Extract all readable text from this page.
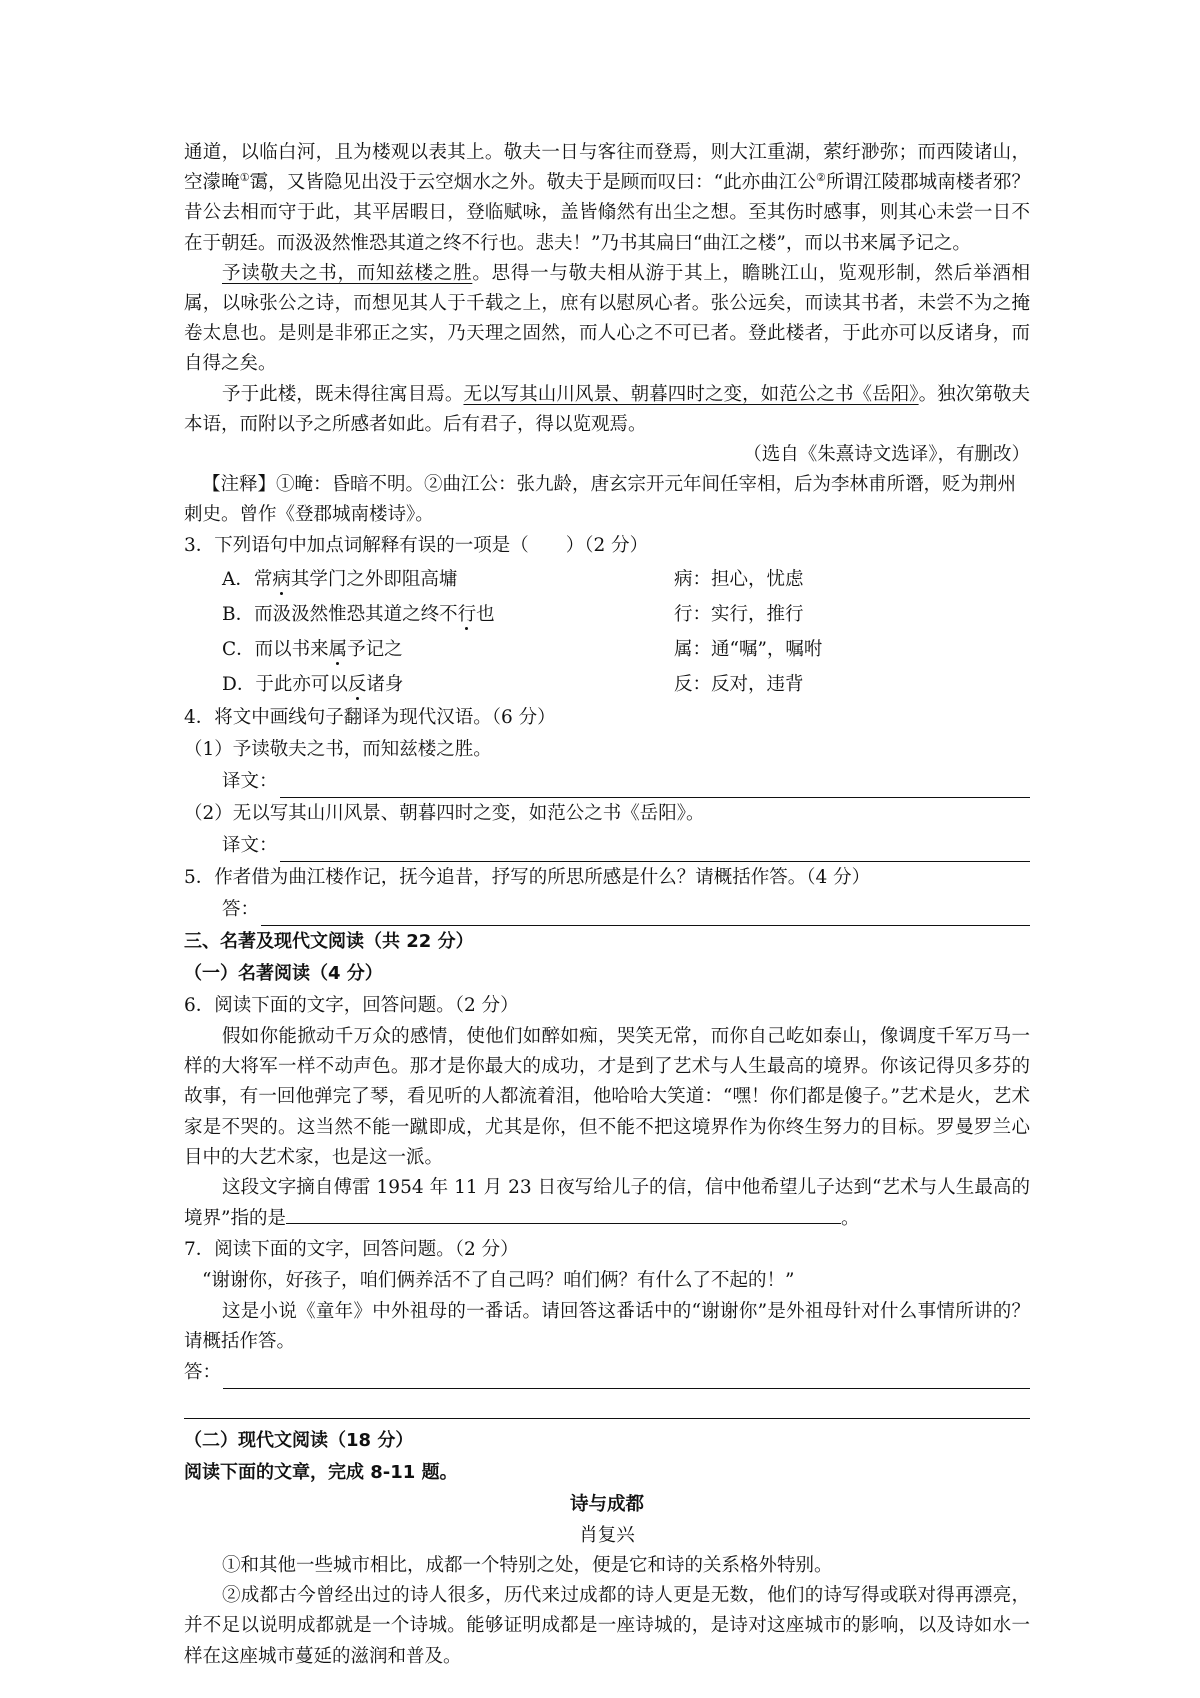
通道，以临白河，且为楼观以表其上。敬夫一日与客往而登焉，则大江重湖，萦纡渺弥；而西陵诸山，空濛晻①霭，又皆隐见出没于云空烟水之外。敬夫于是顾而叹曰：“此亦曲江公②所谓江陵郡城南楼者邪？昔公去相而守于此，其平居暇日，登临赋咏，盖皆翛然有出尘之想。至其伤时感事，则其心未尝一日不在于朝廷。而汲汲然惟恐其道之终不行也。悲夫！”乃书其扁曰“曲江之楼”，而以书来属予记之。

予读敬夫之书，而知兹楼之胜。思得一与敬夫相从游于其上，瞻眺江山，览观形制，然后举酒相属，以咏张公之诗，而想见其人于千载之上，庶有以慰夙心者。张公远矣，而读其书者，未尝不为之掩卷太息也。是则是非邪正之实，乃天理之固然，而人心之不可已者。登此楼者，于此亦可以反诸身，而自得之矣。

予于此楼，既未得往寓目焉。无以写其山川风景、朝暮四时之变，如范公之书《岳阳》。独次第敬夫本语，而附以予之所感者如此。后有君子，得以览观焉。

（选自《朱熹诗文选译》，有删改）

【注释】①晻：昏暗不明。②曲江公：张九龄，唐玄宗开元年间任宰相，后为李林甫所谮，贬为荆州刺史。曾作《登郡城南楼诗》。

3．下列语句中加点词解释有误的一项是（　　）（2 分）

A．常病其学门之外即阻高墉	病：担心，忧虑
B．而汲汲然惟恐其道之终不行也	行：实行，推行
C．而以书来属予记之	属：通“嘱”，嘱咐
D．于此亦可以反诸身	反：反对，违背

4．将文中画线句子翻译为现代汉语。（6 分）

（1）予读敬夫之书，而知兹楼之胜。

译文：

（2）无以写其山川风景、朝暮四时之变，如范公之书《岳阳》。

译文：

5．作者借为曲江楼作记，抚今追昔，抒写的所思所感是什么？请概括作答。（4 分）

答：

三、名著及现代文阅读（共 22 分）

（一）名著阅读（4 分）

6．阅读下面的文字，回答问题。（2 分）

假如你能掀动千万众的感情，使他们如醉如痴，哭笑无常，而你自己屹如泰山，像调度千军万马一样的大将军一样不动声色。那才是你最大的成功，才是到了艺术与人生最高的境界。你该记得贝多芬的故事，有一回他弹完了琴，看见听的人都流着泪，他哈哈大笑道：“嘿！你们都是傻子。”艺术是火，艺术家是不哭的。这当然不能一蹴即成，尤其是你，但不能不把这境界作为你终生努力的目标。罗曼罗兰心目中的大艺术家，也是这一派。

这段文字摘自傅雷 1954 年 11 月 23 日夜写给儿子的信，信中他希望儿子达到“艺术与人生最高的境界”指的是	。

7．阅读下面的文字，回答问题。（2 分）

“谢谢你，好孩子，咱们俩养活不了自己吗？咱们俩？有什么了不起的！”

这是小说《童年》中外祖母的一番话。请回答这番话中的“谢谢你”是外祖母针对什么事情所讲的？请概括作答。

答：

（二）现代文阅读（18 分）

阅读下面的文章，完成 8-11 题。

诗与成都

肖复兴

①和其他一些城市相比，成都一个特别之处，便是它和诗的关系格外特别。

②成都古今曾经出过的诗人很多，历代来过成都的诗人更是无数，他们的诗写得或联对得再漂亮，并不足以说明成都就是一个诗城。能够证明成都是一座诗城的，是诗对这座城市的影响，以及诗如水一样在这座城市蔓延的滋润和普及。
